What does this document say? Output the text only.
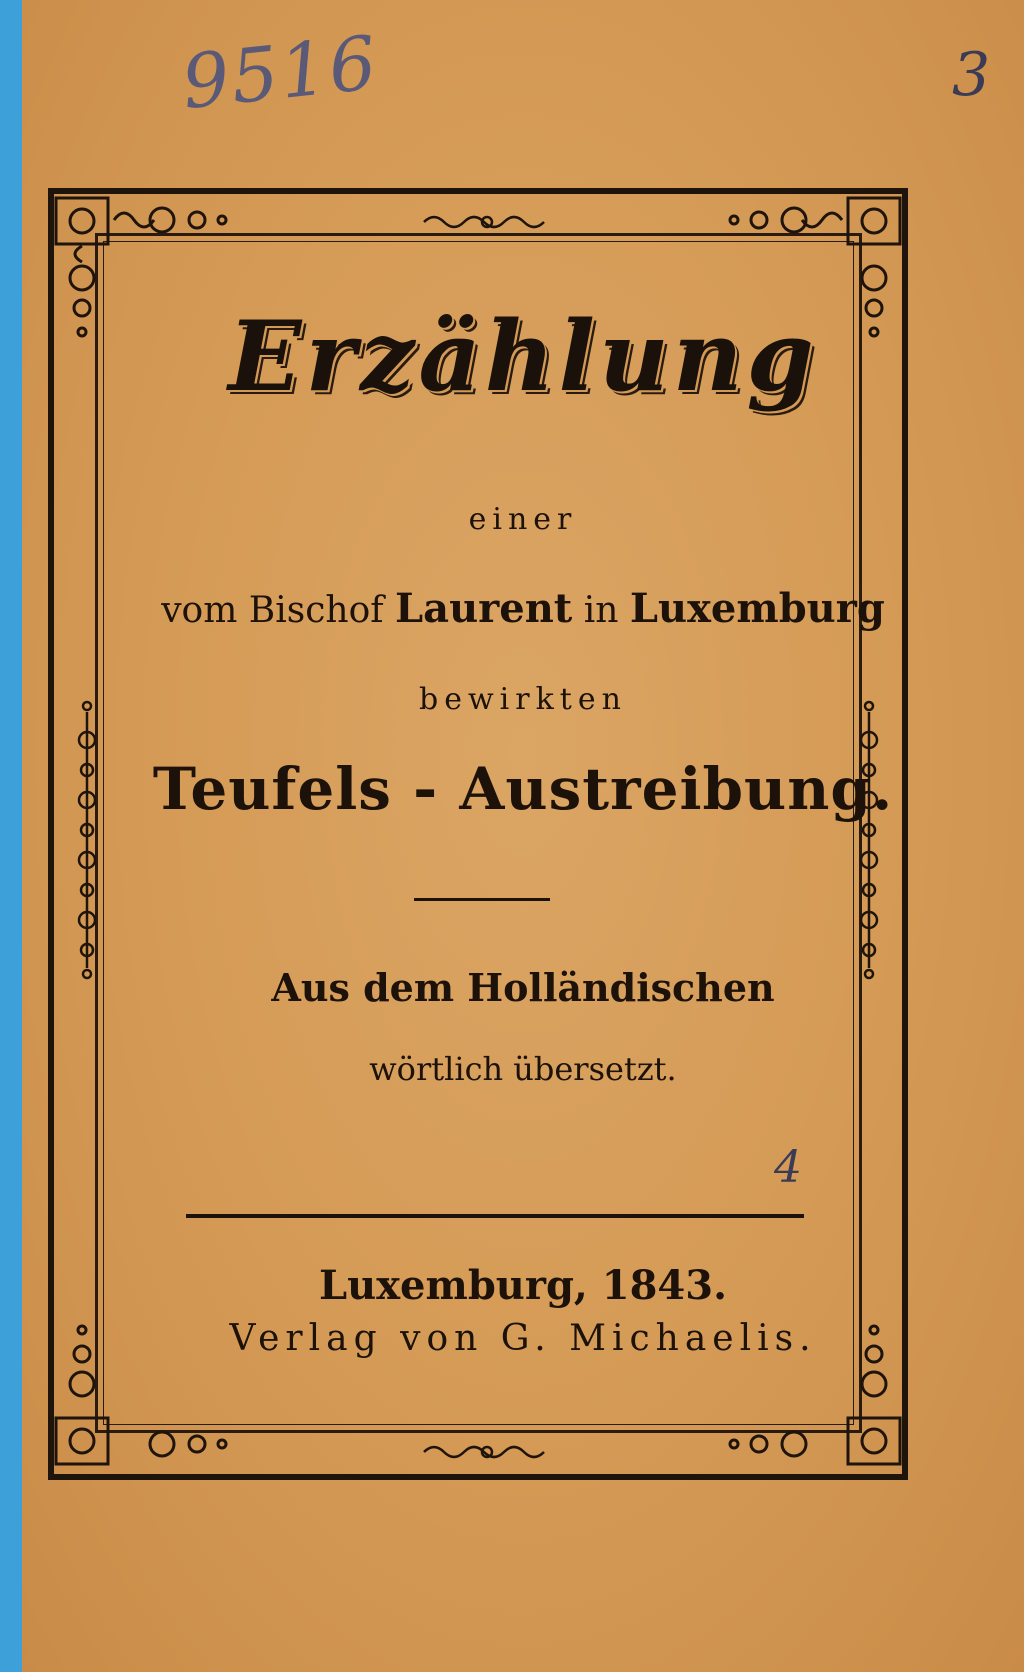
9516	3
4
Erzählung
einer
vom Bischof Laurent in Luxemburg
bewirkten
Teufels - Austreibung.
Aus dem Holländischen
wörtlich übersetzt.
Luxemburg, 1843.
Verlag von G. Michaelis.
